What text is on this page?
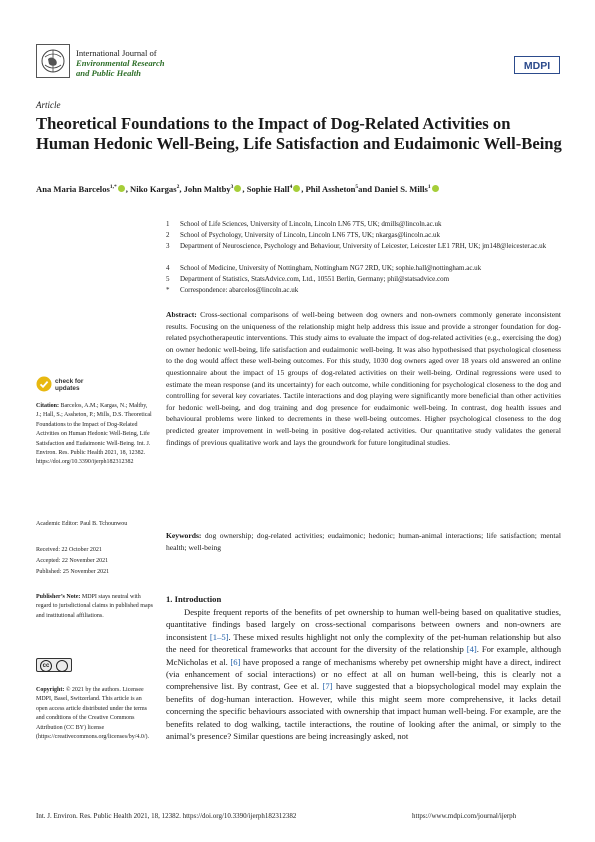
International Journal of
Environmental Research
and Public Health
MDPI
Article
Theoretical Foundations to the Impact of Dog-Related Activities on Human Hedonic Well-Being, Life Satisfaction and Eudaimonic Well-Being
Ana Maria Barcelos$^{1,*}$ , Niko Kargas$^2$, John Maltby$^3$ , Sophie Hall$^4$ , Phil Assheton$^5$and Daniel S. Mills$^1$
1 School of Life Sciences, University of Lincoln, Lincoln LN6 7TS, UK; dmills@lincoln.ac.uk
2 School of Psychology, University of Lincoln, Lincoln LN6 7TS, UK; nkargas@lincoln.ac.uk
3 Department of Neuroscience, Psychology and Behaviour, University of Leicester, Leicester LE1 7RH, UK; jm148@leicester.ac.uk
4 School of Medicine, University of Nottingham, Nottingham NG7 2RD, UK; sophie.hall@nottingham.ac.uk
5 Department of Statistics, StatsAdvice.com, Ltd., 10551 Berlin, Germany; phil@statsadvice.com
* Correspondence: abarcelos@lincoln.ac.uk

Abstract: Cross-sectional comparisons of well-being between dog owners and non-owners commonly generate inconsistent results. Focusing on the uniqueness of the relationship might help address this issue and provide a stronger foundation for dog-related psychotherapeutic interventions. This study aims to evaluate the impact of dog-related activities (e.g., exercising the dog) on owner hedonic well-being, life satisfaction and eudaimonic well-being. It was also hypothesised that psychological closeness to the dog would affect these well-being outcomes. For this study, 1030 dog owners aged over 18 years old answered an online questionnaire about the impact of 15 groups of dog-related activities on their well-being. Ordinal regressions were used to estimate the mean response (and its uncertainty) for each outcome, while conditioning for psychological closeness to the dog and controlling for several key covariates. Tactile interactions and dog playing were significantly more beneficial than other activities for hedonic well-being, and dog training and dog presence for eudaimonic well-being. In contrast, dog health issues and behavioural problems were linked to decrements in these well-being outcomes. Higher psychological closeness to the dog predicted greater improvement in well-being in positive dog-related activities. Our quantitative study validates the general findings of previous qualitative work and lays the groundwork for future longitudinal studies.

Keywords: dog ownership; dog-related activities; eudaimonic; hedonic; human-animal interactions; life satisfaction; mental health; well-being

check for
updates
Citation: Barcelos, A.M.; Kargas, N.; Maltby, J.; Hall, S.; Assheton, P.; Mills, D.S. Theoretical Foundations to the Impact of Dog-Related Activities on Human Hedonic Well-Being, Life Satisfaction and Eudaimonic Well-Being. Int. J. Environ. Res. Public Health 2021, 18, 12382. https://doi.org/10.3390/ijerph182312382
Academic Editor: Paul B. Tchounwou
Received: 22 October 2021
Accepted: 22 November 2021
Published: 25 November 2021
Publisher’s Note: MDPI stays neutral with regard to jurisdictional claims in published maps and institutional affiliations.
cc
Copyright: © 2021 by the authors. Licensee MDPI, Basel, Switzerland. This article is an open access article distributed under the terms and conditions of the Creative Commons Attribution (CC BY) license (https://creativecommons.org/licenses/by/4.0/).
1. Introduction

Despite frequent reports of the benefits of pet ownership to human well-being based on qualitative studies, quantitative findings based largely on cross-sectional comparisons between owners and non-owners are inconsistent [1–5]. These mixed results highlight not only the complexity of the pet-human relationship but also the need for theoretical frameworks that account for the diversity of the relationship [4]. For example, although McNicholas et al. [6] have proposed a range of mechanisms whereby pet ownership might have a direct, indirect (via enhancement of social interactions) or no effect at all on human well-being, this is clearly not a comprehensive list. By contrast, Gee et al. [7] have suggested that a biopsychological model may explain the benefits of dog-human interaction. However, while this might seem more comprehensive, it lacks detail concerning the specific behaviours associated with ownership that impact human well-being. For example, are the benefits related to dog walking, tactile interactions, the routine of looking after the animal, or simply to the animal’s presence? Similar questions are being increasingly asked, not

Int. J. Environ. Res. Public Health 2021, 18, 12382. https://doi.org/10.3390/ijerph182312382	https://www.mdpi.com/journal/ijerph
